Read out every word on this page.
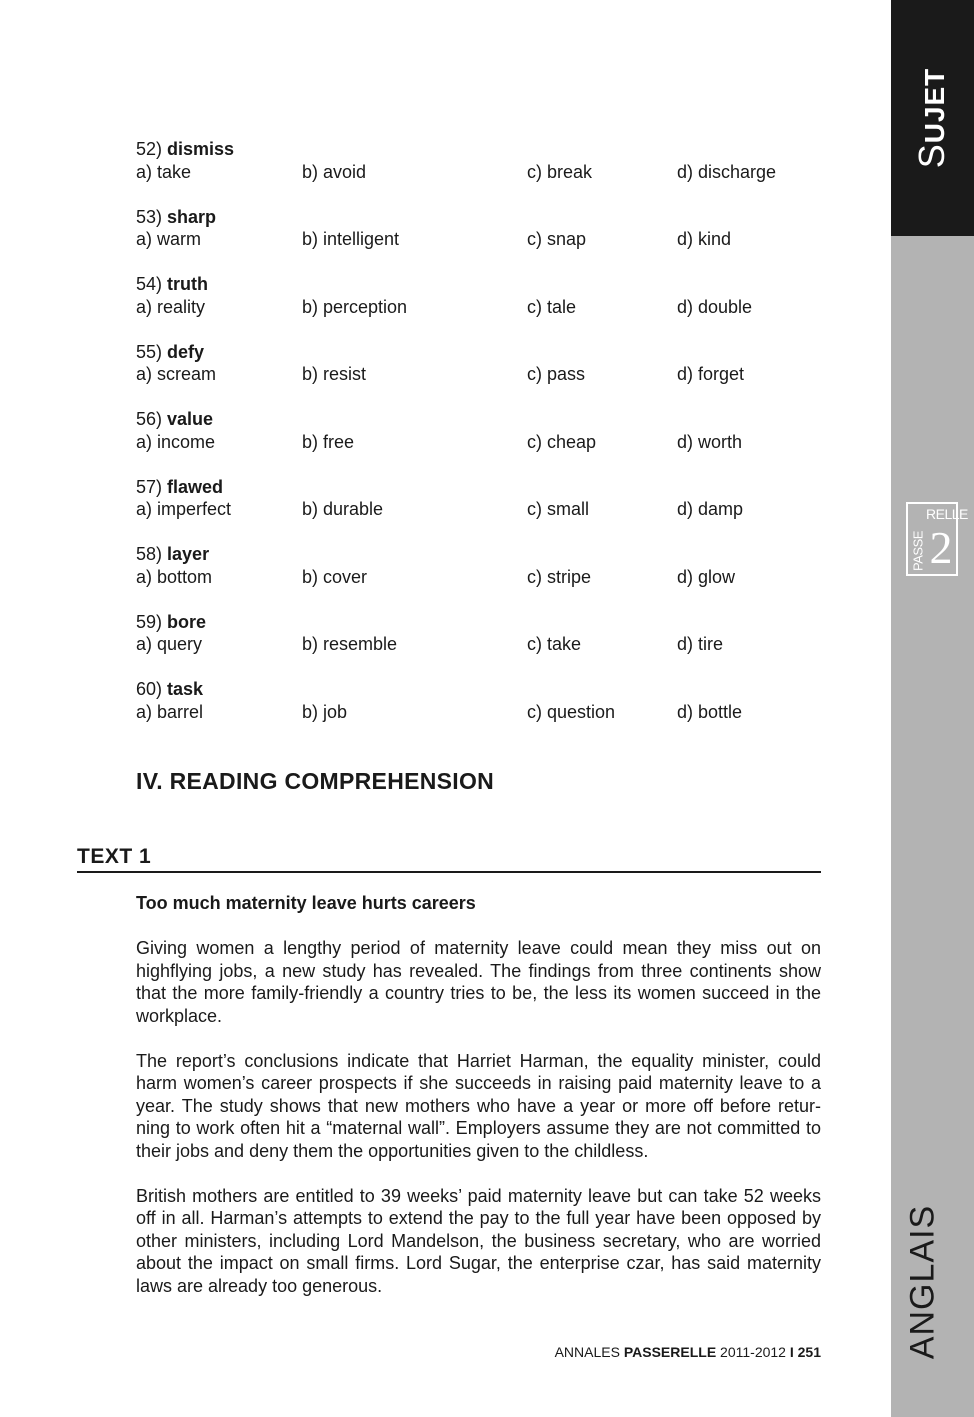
SUJET
RELLE
PASSE 2
ANGLAIS
52) dismiss
a) take	b) avoid	c) break	d) discharge
53) sharp
a) warm	b) intelligent	c) snap	d) kind
54) truth
a) reality	b) perception	c) tale	d) double
55) defy
a) scream	b) resist	c) pass	d) forget
56) value
a) income	b) free	c) cheap	d) worth
57) flawed
a) imperfect	b) durable	c) small	d) damp
58) layer
a) bottom	b) cover	c) stripe	d) glow
59) bore
a) query	b) resemble	c) take	d) tire
60) task
a) barrel	b) job	c) question	d) bottle
IV. READING COMPREHENSION
TEXT 1
Too much maternity leave hurts careers

Giving women a lengthy period of maternity leave could mean they miss out on highflying jobs, a new study has revealed. The findings from three continents show that the more family-friendly a country tries to be, the less its women succeed in the workplace.

The report’s conclusions indicate that Harriet Harman, the equality minister, could harm women’s career prospects if she succeeds in raising paid maternity leave to a year. The study shows that new mothers who have a year or more off before retur-ning to work often hit a “maternal wall”. Employers assume they are not committed to their jobs and deny them the opportunities given to the childless.

British mothers are entitled to 39 weeks’ paid maternity leave but can take 52 weeks off in all. Harman’s attempts to extend the pay to the full year have been opposed by other ministers, including Lord Mandelson, the business secretary, who are worried about the impact on small firms. Lord Sugar, the enterprise czar, has said maternity laws are already too generous.

ANNALES PASSERELLE 2011-2012 I 251
